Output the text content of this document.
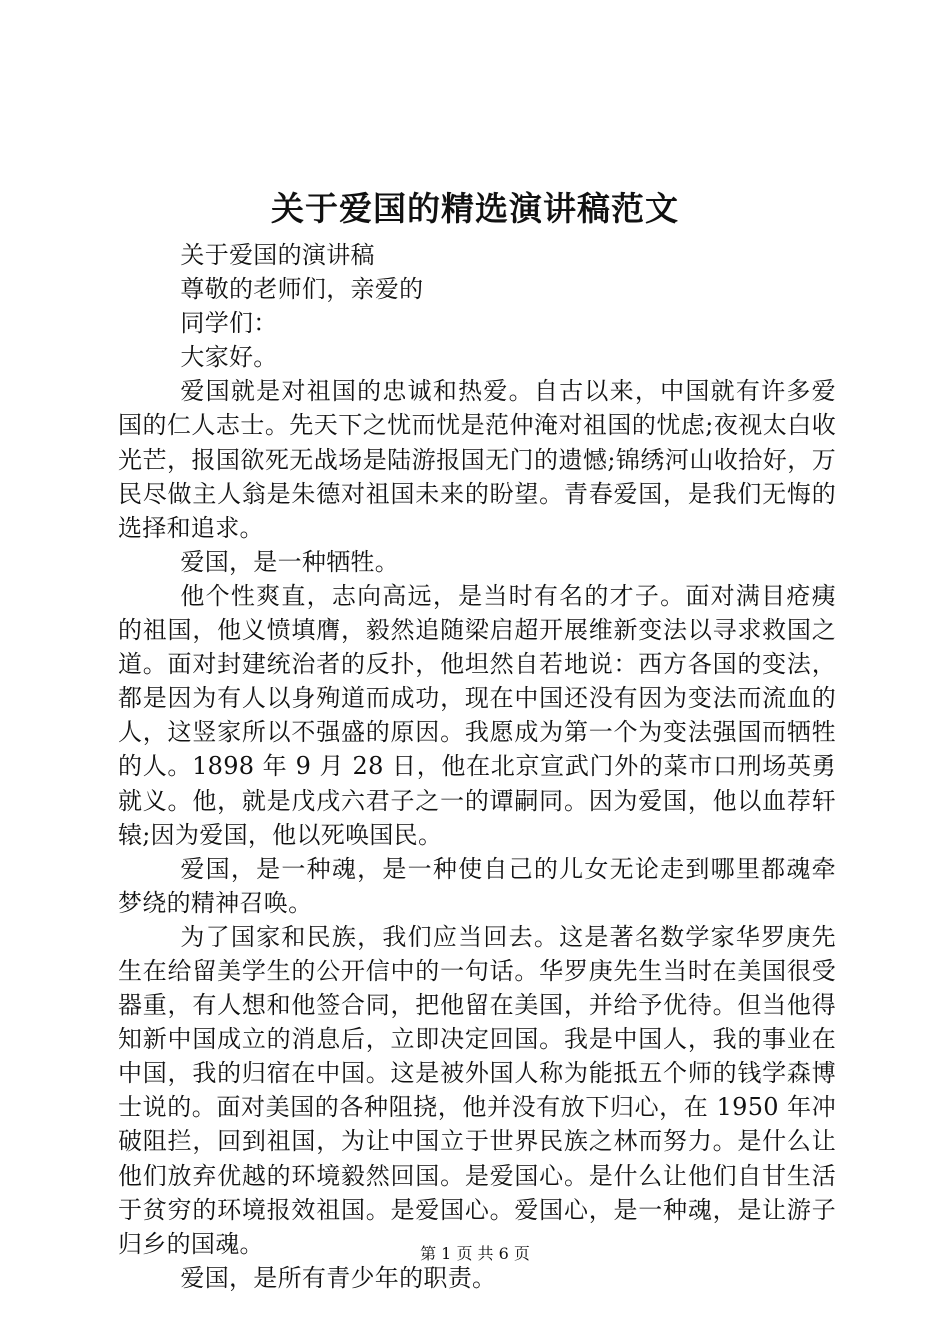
关于爱国的精选演讲稿范文

关于爱国的演讲稿

尊敬的老师们，亲爱的

同学们：

大家好。

爱国就是对祖国的忠诚和热爱。自古以来，中国就有许多爱国的仁人志士。先天下之忧而忧是范仲淹对祖国的忧虑;夜视太白收光芒，报国欲死无战场是陆游报国无门的遗憾;锦绣河山收拾好，万民尽做主人翁是朱德对祖国未来的盼望。青春爱国，是我们无悔的选择和追求。

爱国，是一种牺牲。

他个性爽直，志向高远，是当时有名的才子。面对满目疮痍的祖国，他义愤填膺，毅然追随梁启超开展维新变法以寻求救国之道。面对封建统治者的反扑，他坦然自若地说：西方各国的变法，都是因为有人以身殉道而成功，现在中国还没有因为变法而流血的人，这竖家所以不强盛的原因。我愿成为第一个为变法强国而牺牲的人。1898 年 9 月 28 日，他在北京宣武门外的菜市口刑场英勇就义。他，就是戊戌六君子之一的谭嗣同。因为爱国，他以血荐轩辕;因为爱国，他以死唤国民。

爱国，是一种魂，是一种使自己的儿女无论走到哪里都魂牵梦绕的精神召唤。

为了国家和民族，我们应当回去。这是著名数学家华罗庚先生在给留美学生的公开信中的一句话。华罗庚先生当时在美国很受器重，有人想和他签合同，把他留在美国，并给予优待。但当他得知新中国成立的消息后，立即决定回国。我是中国人，我的事业在中国，我的归宿在中国。这是被外国人称为能抵五个师的钱学森博士说的。面对美国的各种阻挠，他并没有放下归心，在 1950 年冲破阻拦，回到祖国，为让中国立于世界民族之林而努力。是什么让他们放弃优越的环境毅然回国。是爱国心。是什么让他们自甘生活于贫穷的环境报效祖国。是爱国心。爱国心，是一种魂，是让游子归乡的国魂。

爱国，是所有青少年的职责。

第 1 页 共 6 页
